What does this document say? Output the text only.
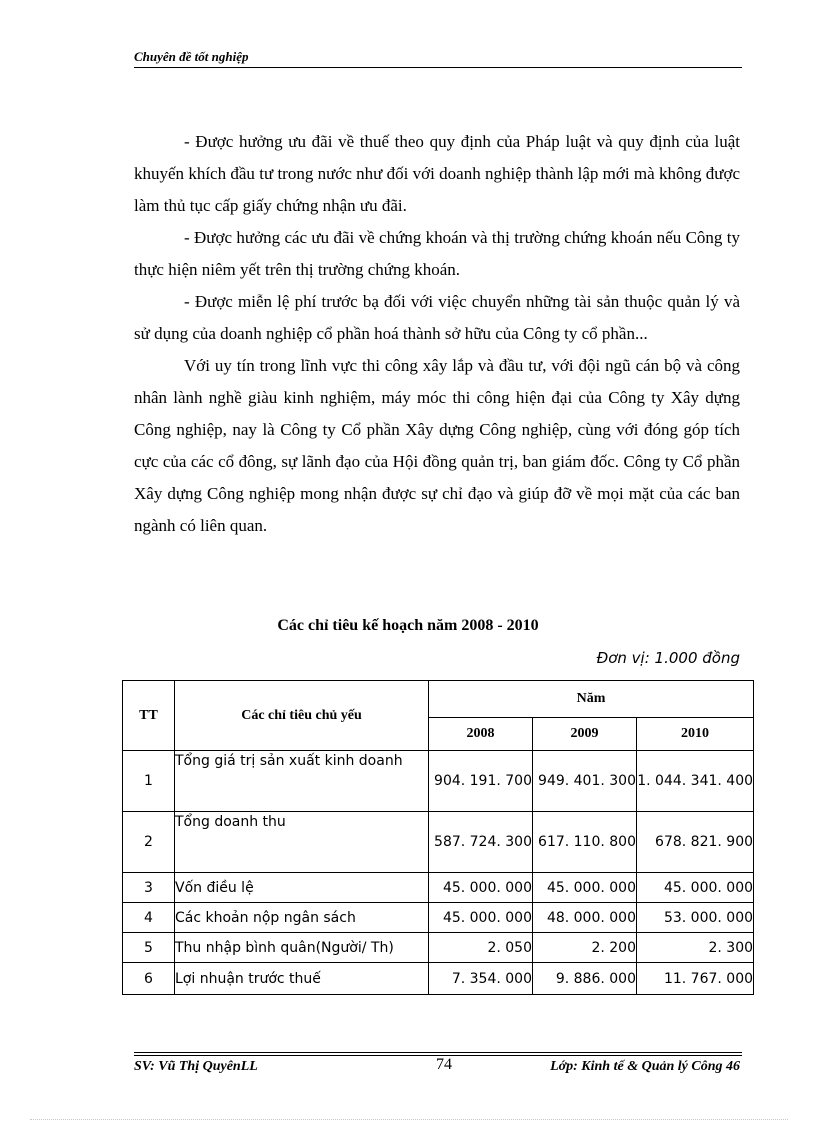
Chuyên đề tốt nghiệp

- Được hưởng ưu đãi về thuế theo quy định của Pháp luật và quy định của luật khuyến khích đầu tư trong nước như đối với doanh nghiệp thành lập mới mà không được làm thủ tục cấp giấy chứng nhận ưu đãi.

- Được hưởng các ưu đãi về chứng khoán và thị trường chứng khoán nếu Công ty thực hiện niêm yết trên thị trường chứng khoán.

- Được miễn lệ phí trước bạ đối với việc chuyển những tài sản thuộc quản lý và sử dụng của doanh nghiệp cổ phần hoá thành sở hữu của Công ty cổ phần...

Với uy tín trong lĩnh vực thi công xây lắp và đầu tư, với đội ngũ cán bộ và công nhân lành nghề giàu kinh nghiệm, máy móc thi công hiện đại của Công ty Xây dựng Công nghiệp, nay là Công ty Cổ phần Xây dựng Công nghiệp, cùng với đóng góp tích cực của các cổ đông, sự lãnh đạo của Hội đồng quản trị, ban giám đốc. Công ty Cổ phần Xây dựng Công nghiệp mong nhận được sự chỉ đạo và giúp đỡ về mọi mặt của các ban ngành có liên quan.

Các chỉ tiêu kế hoạch năm 2008 - 2010
Đơn vị: 1.000 đồng
TT	Các chỉ tiêu chủ yếu	Năm		
		2008	2009	2010
1	Tổng giá trị sản xuất kinh doanh	904. 191. 700	949. 401. 300	1. 044. 341. 400
2	Tổng doanh thu	587. 724. 300	617. 110. 800	678. 821. 900
3	Vốn điều lệ	45. 000. 000	45. 000. 000	45. 000. 000
4	Các khoản nộp ngân sách	45. 000. 000	48. 000. 000	53. 000. 000
5	Thu nhập bình quân(Người/ Th)	2. 050	2. 200	2. 300
6	Lợi nhuận trước thuế	7. 354. 000	9. 886. 000	11. 767. 000
SV: Vũ Thị QuyênLL	74	Lớp: Kinh tế & Quản lý Công 46
